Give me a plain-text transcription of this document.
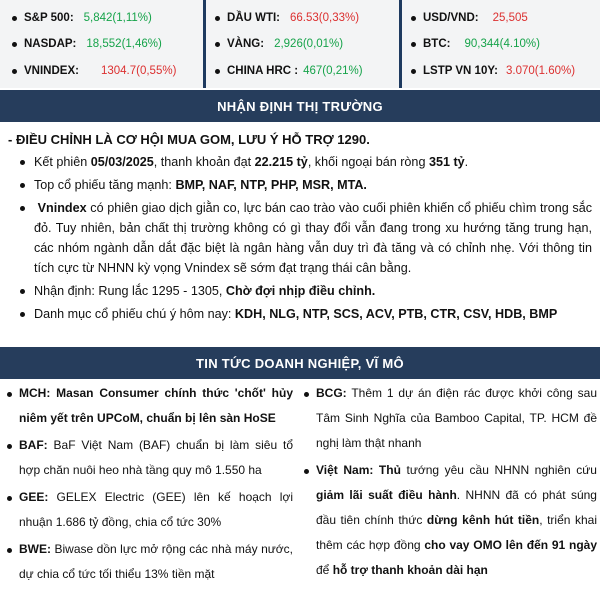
S&P 500: 5,842(1,11%)
NASDAP: 18,552(1,46%)
VNINDEX: 1304.7(0,55%)
DẦU WTI: 66.53(0,33%)
VÀNG: 2,926(0,01%)
CHINA HRC : 467(0,21%)
USD/VND: 25,505
BTC: 90,344(4.10%)
LSTP VN 10Y: 3.070(1.60%)
NHẬN ĐỊNH THỊ TRƯỜNG
- ĐIỀU CHỈNH LÀ CƠ HỘI MUA GOM, LƯU Ý HỖ TRỢ 1290.
Kết phiên 05/03/2025, thanh khoản đạt 22.215 tỷ, khối ngoại bán ròng 351 tỷ.
Top cổ phiếu tăng mạnh: BMP, NAF, NTP, PHP, MSR, MTA.
Vnindex có phiên giao dịch giằn co, lực bán cao trào vào cuối phiên khiến cổ phiếu chìm trong sắc đỏ. Tuy nhiên, bản chất thị trường không có gì thay đổi vẫn đang trong xu hướng tăng trung hạn, các nhóm ngành dẫn dắt đặc biệt là ngân hàng vẫn duy trì đà tăng và có chỉnh nhẹ. Với thông tin tích cực từ NHNN kỳ vọng Vnindex sẽ sớm đạt trạng thái cân bằng.
Nhận định: Rung lắc 1295 - 1305, Chờ đợi nhịp điều chỉnh.
Danh mục cổ phiếu chú ý hôm nay: KDH, NLG, NTP, SCS, ACV, PTB, CTR, CSV, HDB, BMP
TIN TỨC DOANH NGHIỆP, VĨ MÔ
MCH: Masan Consumer chính thức 'chốt' hủy niêm yết trên UPCoM, chuẩn bị lên sàn HoSE
BAF: BaF Việt Nam (BAF) chuẩn bị làm siêu tổ hợp chăn nuôi heo nhà tầng quy mô 1.550 ha
GEE: GELEX Electric (GEE) lên kế hoạch lợi nhuận 1.686 tỷ đồng, chia cổ tức 30%
BWE: Biwase dồn lực mở rộng các nhà máy nước, dự chia cổ tức tối thiểu 13% tiền mặt
BCG: Thêm 1 dự án điện rác được khởi công sau Tâm Sinh Nghĩa của Bamboo Capital, TP. HCM đề nghị làm thật nhanh
Việt Nam: Thủ tướng yêu cầu NHNN nghiên cứu giảm lãi suất điều hành. NHNN đã có phát súng đầu tiên chính thức dừng kênh hút tiền, triển khai thêm các hợp đồng cho vay OMO lên đến 91 ngày để hỗ trợ thanh khoản dài hạn
